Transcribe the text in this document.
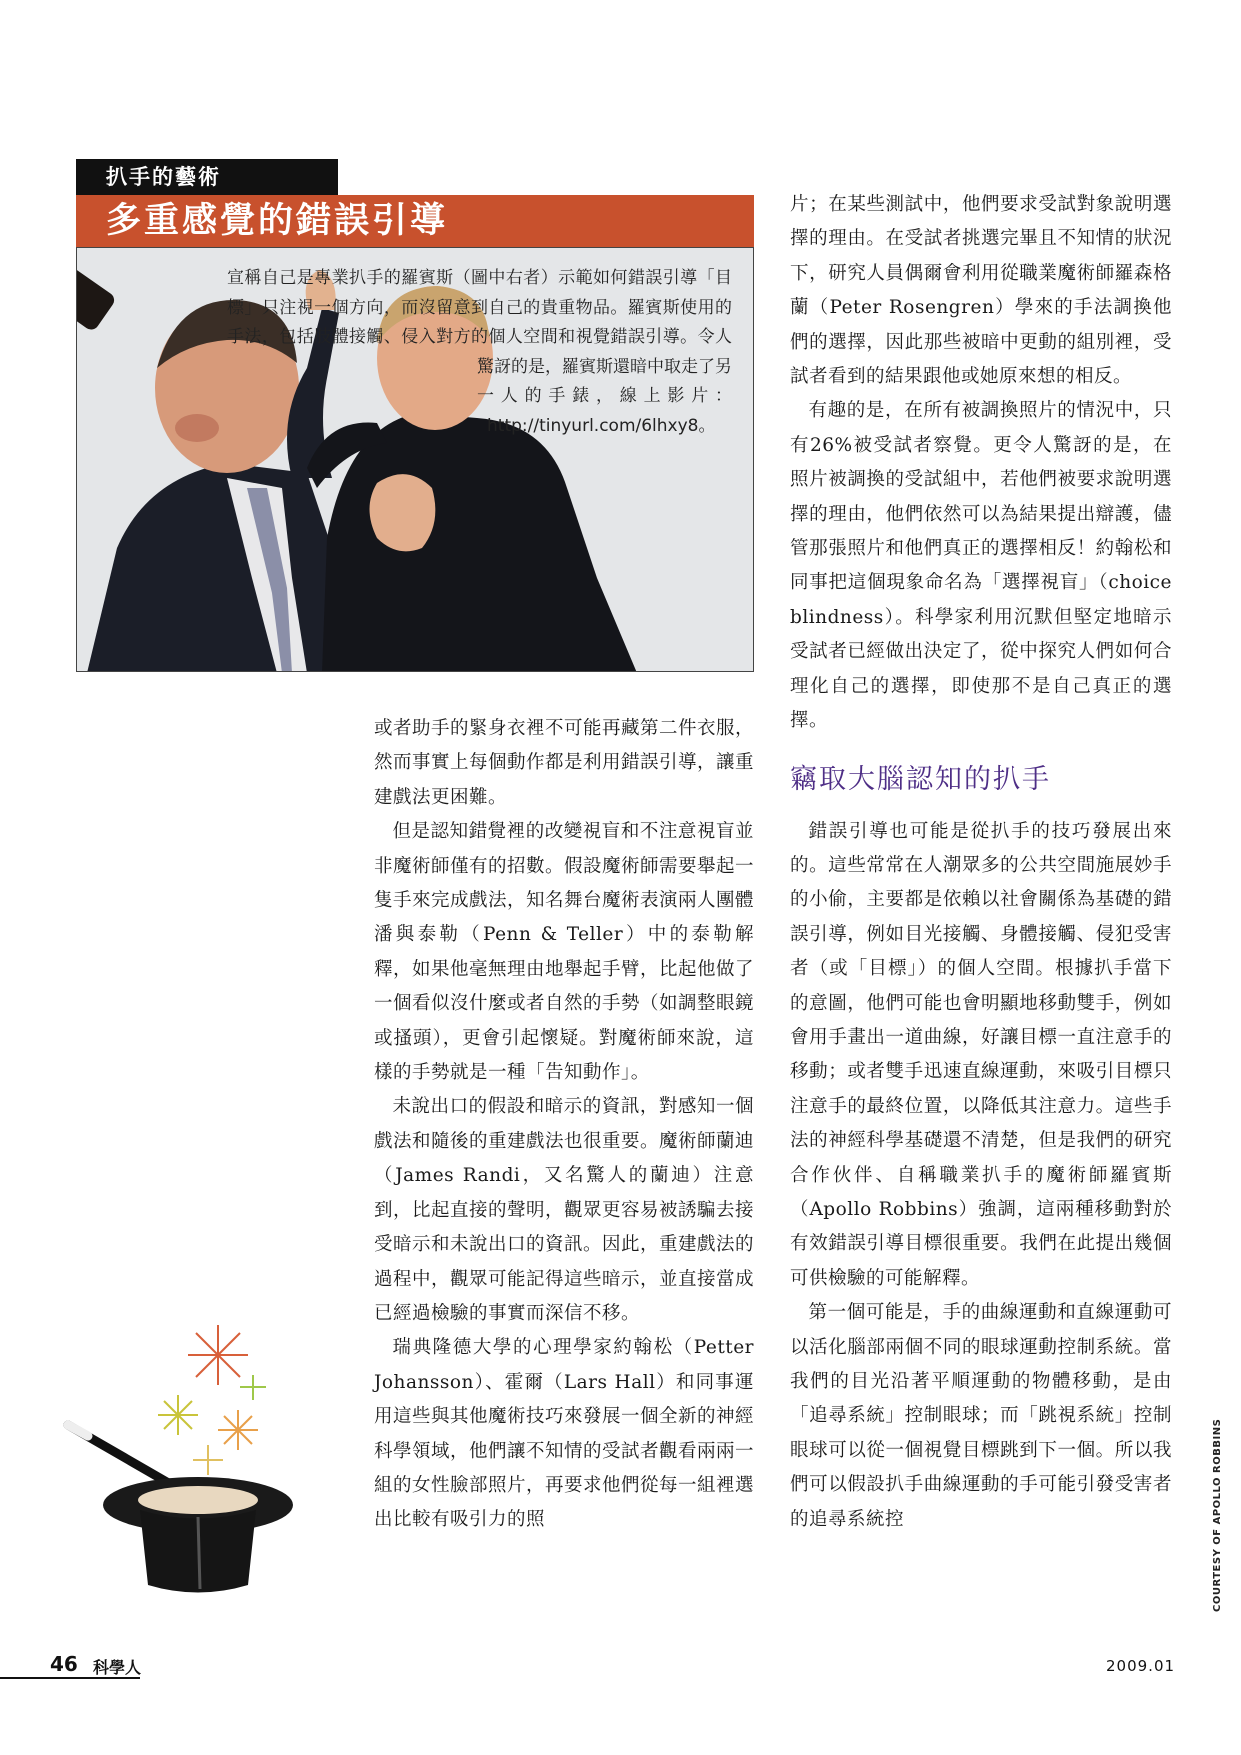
扒手的藝術
多重感覺的錯誤引導

宣稱自己是專業扒手的羅賓斯（圖中右者）示範如何錯誤引導「目標」只注視一個方向，而沒留意到自己的貴重物品。羅賓斯使用的手法，包括肢體接觸、侵入對方的個人空間和視覺錯誤引導。令人驚訝的是，羅賓斯還暗中取走了另一人的手錶，線上影片：http://tinyurl.com/6lhxy8。

或者助手的緊身衣裡不可能再藏第二件衣服，然而事實上每個動作都是利用錯誤引導，讓重建戲法更困難。

但是認知錯覺裡的改變視盲和不注意視盲並非魔術師僅有的招數。假設魔術師需要舉起一隻手來完成戲法，知名舞台魔術表演兩人團體潘與泰勒（Penn & Teller）中的泰勒解釋，如果他毫無理由地舉起手臂，比起他做了一個看似沒什麼或者自然的手勢（如調整眼鏡或搔頭），更會引起懷疑。對魔術師來說，這樣的手勢就是一種「告知動作」。

未說出口的假設和暗示的資訊，對感知一個戲法和隨後的重建戲法也很重要。魔術師蘭迪（James Randi，又名驚人的蘭迪）注意到，比起直接的聲明，觀眾更容易被誘騙去接受暗示和未說出口的資訊。因此，重建戲法的過程中，觀眾可能記得這些暗示，並直接當成已經過檢驗的事實而深信不移。

瑞典隆德大學的心理學家約翰松（Petter Johansson）、霍爾（Lars Hall）和同事運用這些與其他魔術技巧來發展一個全新的神經科學領域，他們讓不知情的受試者觀看兩兩一組的女性臉部照片，再要求他們從每一組裡選出比較有吸引力的照

片；在某些測試中，他們要求受試對象說明選擇的理由。在受試者挑選完畢且不知情的狀況下，研究人員偶爾會利用從職業魔術師羅森格蘭（Peter Rosengren）學來的手法調換他們的選擇，因此那些被暗中更動的組別裡，受試者看到的結果跟他或她原來想的相反。

有趣的是，在所有被調換照片的情況中，只有26%被受試者察覺。更令人驚訝的是，在照片被調換的受試組中，若他們被要求說明選擇的理由，他們依然可以為結果提出辯護，儘管那張照片和他們真正的選擇相反！約翰松和同事把這個現象命名為「選擇視盲」（choice blindness）。科學家利用沉默但堅定地暗示受試者已經做出決定了，從中探究人們如何合理化自己的選擇，即使那不是自己真正的選擇。

竊取大腦認知的扒手

錯誤引導也可能是從扒手的技巧發展出來的。這些常常在人潮眾多的公共空間施展妙手的小偷，主要都是依賴以社會關係為基礎的錯誤引導，例如目光接觸、身體接觸、侵犯受害者（或「目標」）的個人空間。根據扒手當下的意圖，他們可能也會明顯地移動雙手，例如會用手畫出一道曲線，好讓目標一直注意手的移動；或者雙手迅速直線運動，來吸引目標只注意手的最終位置，以降低其注意力。這些手法的神經科學基礎還不清楚，但是我們的研究合作伙伴、自稱職業扒手的魔術師羅賓斯（Apollo Robbins）強調，這兩種移動對於有效錯誤引導目標很重要。我們在此提出幾個可供檢驗的可能解釋。

第一個可能是，手的曲線運動和直線運動可以活化腦部兩個不同的眼球運動控制系統。當我們的目光沿著平順運動的物體移動，是由「追尋系統」控制眼球；而「跳視系統」控制眼球可以從一個視覺目標跳到下一個。所以我們可以假設扒手曲線運動的手可能引發受害者的追尋系統控

46 科學人	2009.01
COURTESY OF APOLLO ROBBINS
